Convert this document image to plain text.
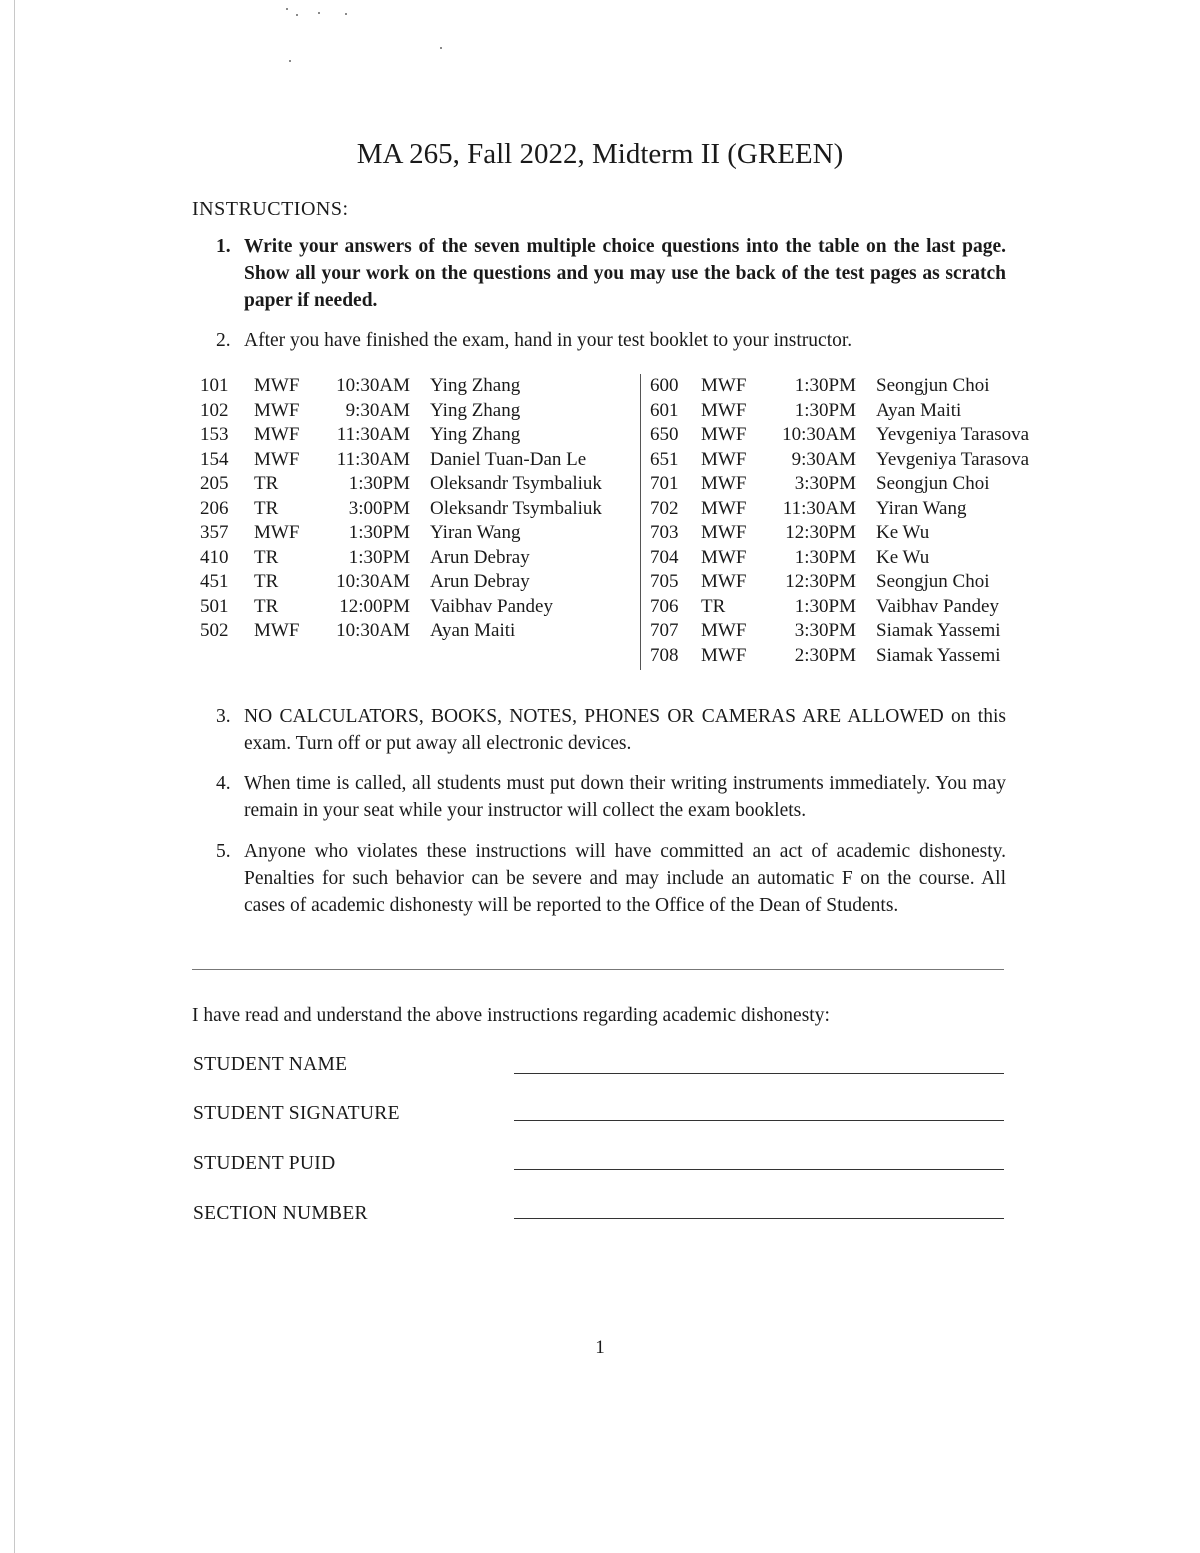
MA 265, Fall 2022, Midterm II (GREEN)
INSTRUCTIONS:
1. Write your answers of the seven multiple choice questions into the table on the last page. Show all your work on the questions and you may use the back of the test pages as scratch paper if needed.
2. After you have finished the exam, hand in your test booklet to your instructor.
101 MWF	10:30AM Ying Zhang
102 MWF	9:30AM Ying Zhang
153 MWF	11:30AM Ying Zhang
154 MWF	11:30AM Daniel Tuan-Dan Le
205 TR	1:30PM Oleksandr Tsymbaliuk
206 TR	3:00PM Oleksandr Tsymbaliuk
357 MWF	1:30PM Yiran Wang
410 TR	1:30PM Arun Debray
451 TR	10:30AM Arun Debray
501 TR	12:00PM Vaibhav Pandey
502 MWF	10:30AM Ayan Maiti
600 MWF	1:30PM Seongjun Choi
601 MWF	1:30PM Ayan Maiti
650 MWF	10:30AM Yevgeniya Tarasova
651 MWF	9:30AM Yevgeniya Tarasova
701 MWF	3:30PM Seongjun Choi
702 MWF	11:30AM Yiran Wang
703 MWF	12:30PM Ke Wu
704 MWF	1:30PM Ke Wu
705 MWF	12:30PM Seongjun Choi
706 TR	1:30PM Vaibhav Pandey
707 MWF	3:30PM Siamak Yassemi
708 MWF	2:30PM Siamak Yassemi
3. NO CALCULATORS, BOOKS, NOTES, PHONES OR CAMERAS ARE ALLOWED on this exam. Turn off or put away all electronic devices.
4. When time is called, all students must put down their writing instruments immediately. You may remain in your seat while your instructor will collect the exam booklets.
5. Anyone who violates these instructions will have committed an act of academic dishonesty. Penalties for such behavior can be severe and may include an automatic F on the course. All cases of academic dishonesty will be reported to the Office of the Dean of Students.
I have read and understand the above instructions regarding academic dishonesty:
STUDENT NAME
STUDENT SIGNATURE
STUDENT PUID
SECTION NUMBER
1
